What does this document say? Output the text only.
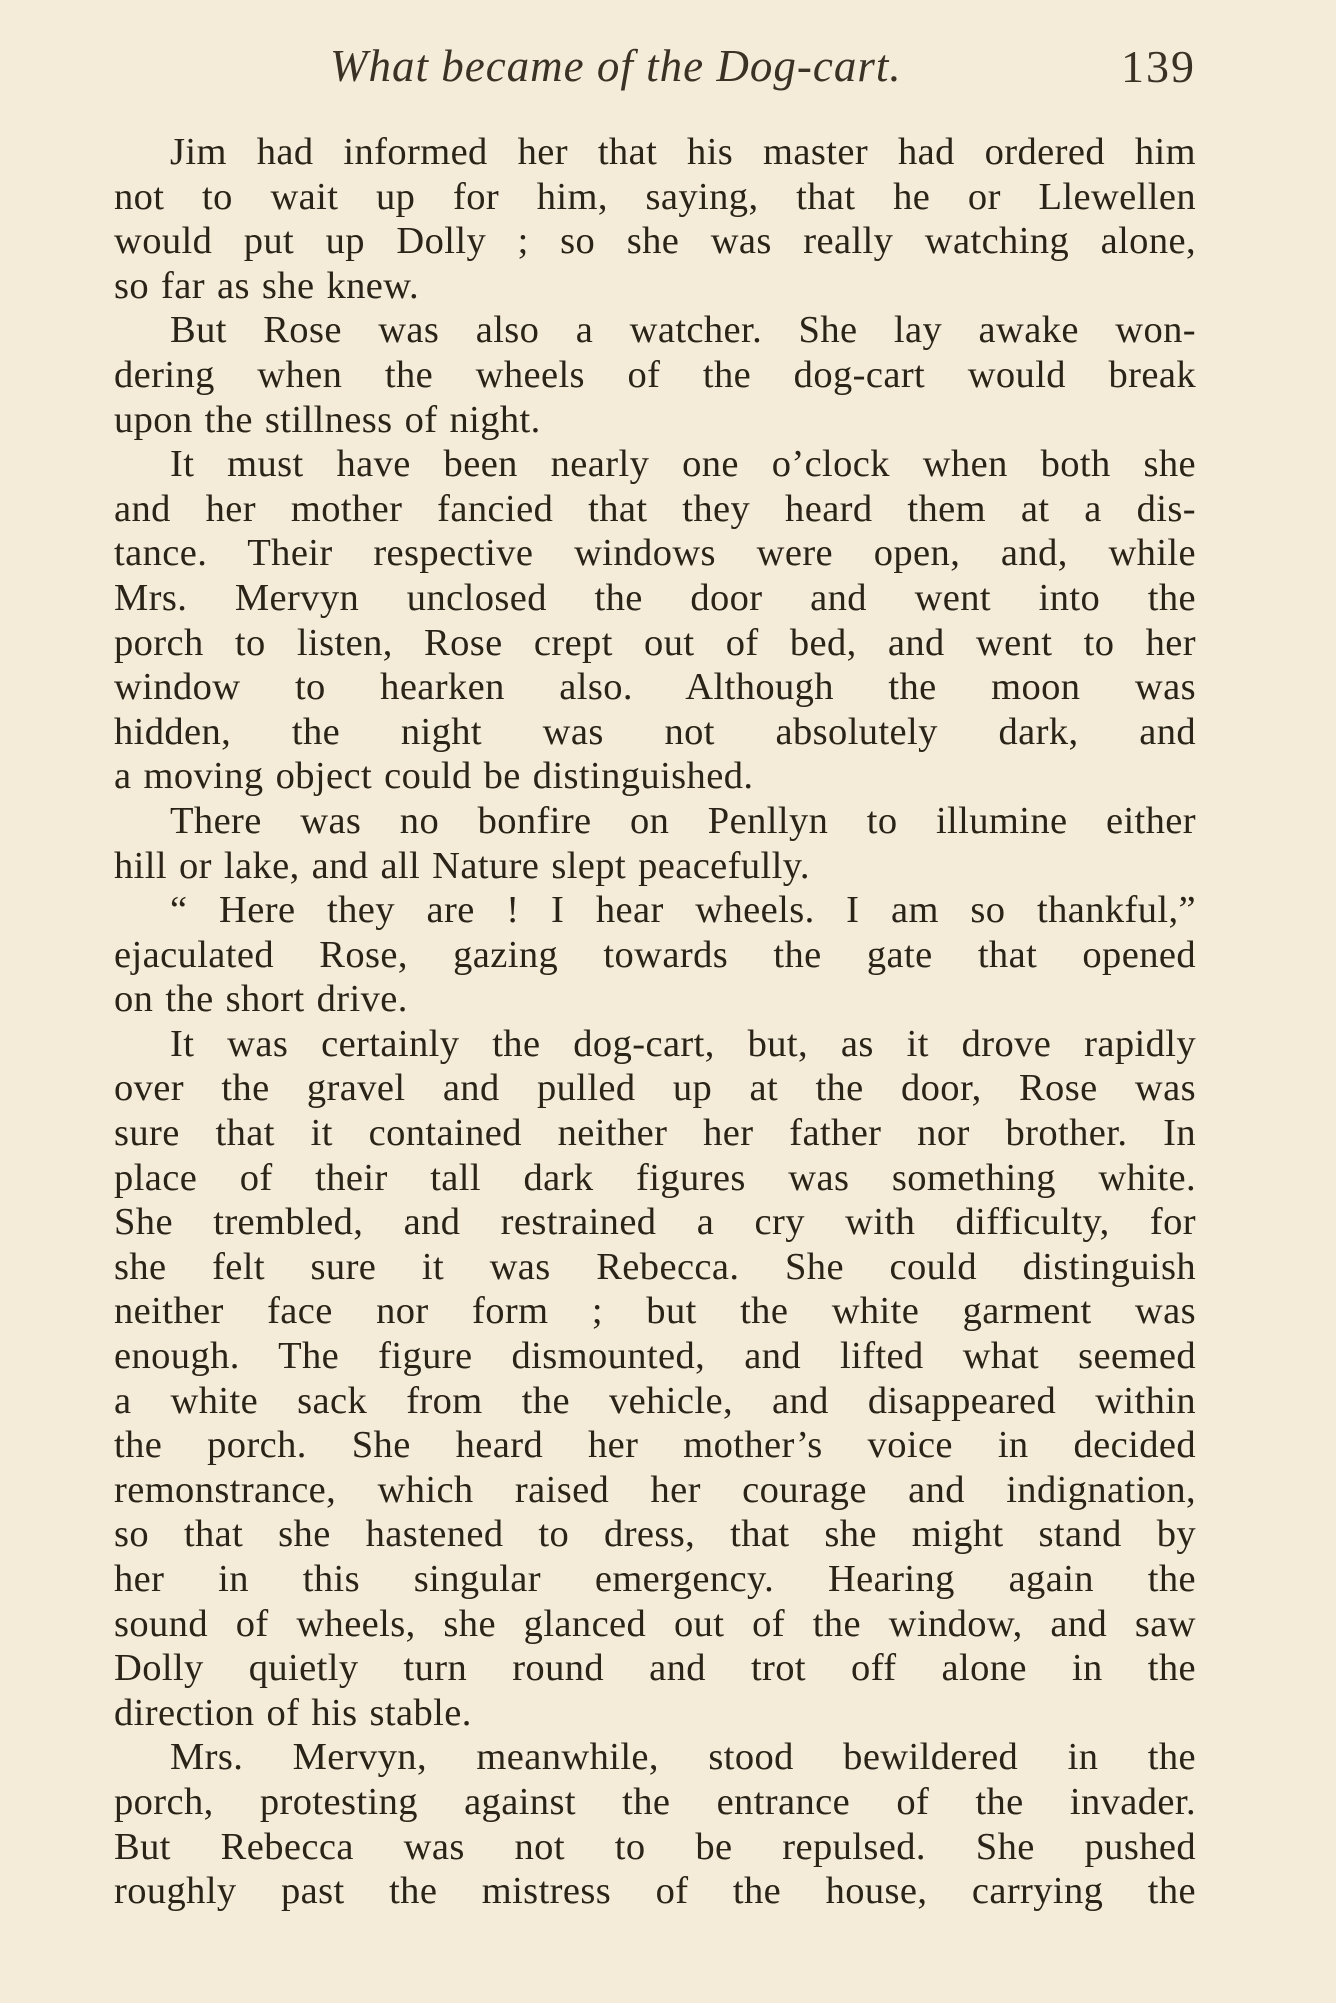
What became of the Dog-cart.	139
Jim had informed her that his master had ordered him
not to wait up for him, saying, that he or Llewellen
would put up Dolly ; so she was really watching alone,
so far as she knew.
But Rose was also a watcher. She lay awake won-
dering when the wheels of the dog-cart would break
upon the stillness of night.
It must have been nearly one o’clock when both she
and her mother fancied that they heard them at a dis-
tance. Their respective windows were open, and, while
Mrs. Mervyn unclosed the door and went into the
porch to listen, Rose crept out of bed, and went to her
window to hearken also. Although the moon was
hidden, the night was not absolutely dark, and
a moving object could be distinguished.
There was no bonfire on Penllyn to illumine either
hill or lake, and all Nature slept peacefully.
“ Here they are ! I hear wheels. I am so thankful,”
ejaculated Rose, gazing towards the gate that opened
on the short drive.
It was certainly the dog-cart, but, as it drove rapidly
over the gravel and pulled up at the door, Rose was
sure that it contained neither her father nor brother. In
place of their tall dark figures was something white.
She trembled, and restrained a cry with difficulty, for
she felt sure it was Rebecca. She could distinguish
neither face nor form ; but the white garment was
enough. The figure dismounted, and lifted what seemed
a white sack from the vehicle, and disappeared within
the porch. She heard her mother’s voice in decided
remonstrance, which raised her courage and indignation,
so that she hastened to dress, that she might stand by
her in this singular emergency. Hearing again the
sound of wheels, she glanced out of the window, and saw
Dolly quietly turn round and trot off alone in the
direction of his stable.
Mrs. Mervyn, meanwhile, stood bewildered in the
porch, protesting against the entrance of the invader.
But Rebecca was not to be repulsed. She pushed
roughly past the mistress of the house, carrying the
